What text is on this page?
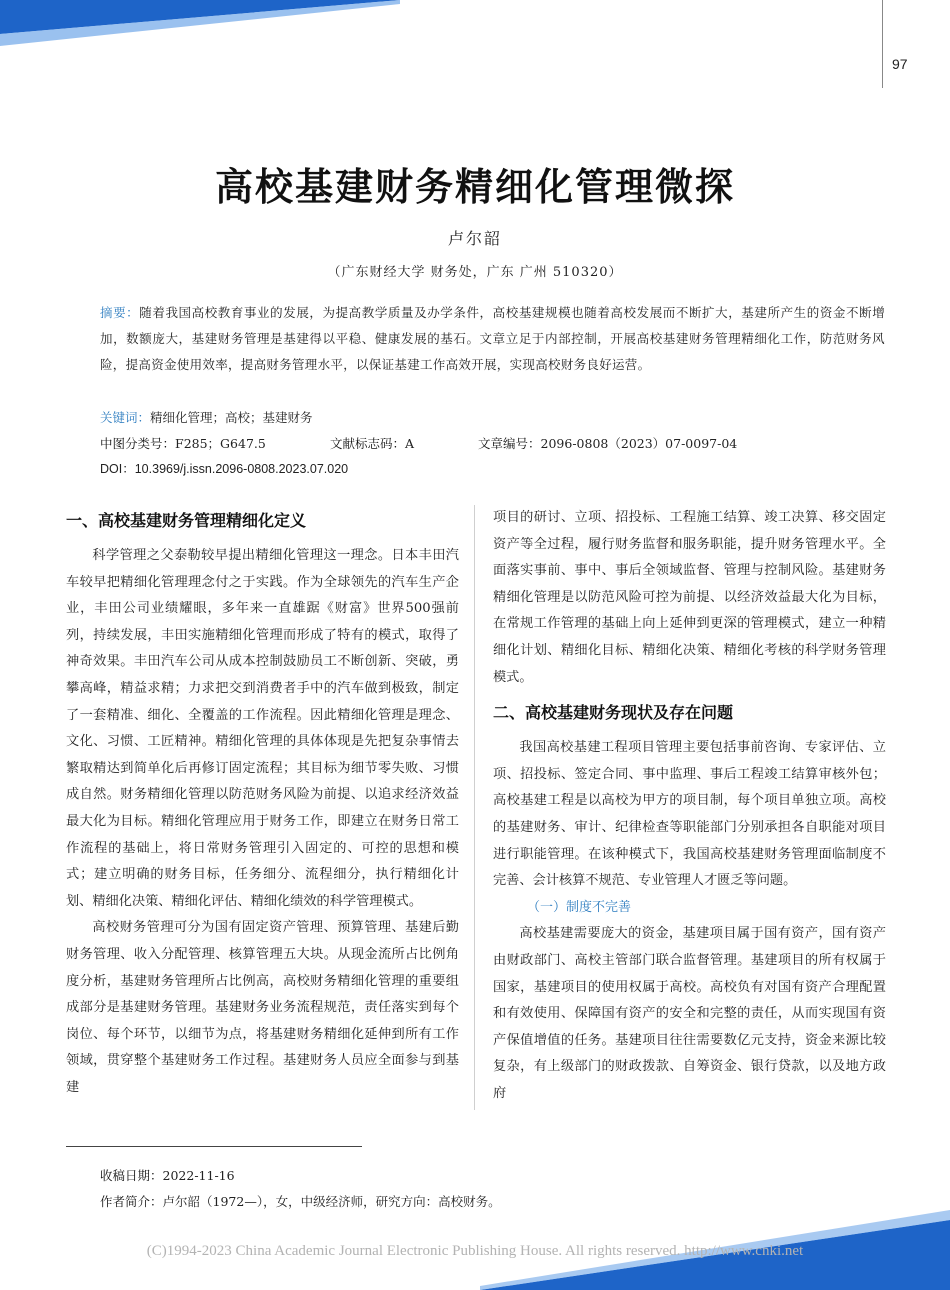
97
高校基建财务精细化管理微探
卢尔韶
（广东财经大学 财务处，广东 广州 510320）
摘要：随着我国高校教育事业的发展，为提高教学质量及办学条件，高校基建规模也随着高校发展而不断扩大，基建所产生的资金不断增加，数额庞大，基建财务管理是基建得以平稳、健康发展的基石。文章立足于内部控制，开展高校基建财务管理精细化工作，防范财务风险，提高资金使用效率，提高财务管理水平，以保证基建工作高效开展，实现高校财务良好运营。
关键词：精细化管理；高校；基建财务
中图分类号：F285；G647.5	文献标志码：A	文章编号：2096-0808（2023）07-0097-04
DOI：10.3969/j.issn.2096-0808.2023.07.020
一、高校基建财务管理精细化定义

科学管理之父泰勒较早提出精细化管理这一理念。日本丰田汽车较早把精细化管理理念付之于实践。作为全球领先的汽车生产企业，丰田公司业绩耀眼，多年来一直雄踞《财富》世界500强前列，持续发展，丰田实施精细化管理而形成了特有的模式，取得了神奇效果。丰田汽车公司从成本控制鼓励员工不断创新、突破，勇攀高峰，精益求精；力求把交到消费者手中的汽车做到极致，制定了一套精准、细化、全覆盖的工作流程。因此精细化管理是理念、文化、习惯、工匠精神。精细化管理的具体体现是先把复杂事情去繁取精达到简单化后再修订固定流程；其目标为细节零失败、习惯成自然。财务精细化管理以防范财务风险为前提、以追求经济效益最大化为目标。精细化管理应用于财务工作，即建立在财务日常工作流程的基础上，将日常财务管理引入固定的、可控的思想和模式；建立明确的财务目标，任务细分、流程细分，执行精细化计划、精细化决策、精细化评估、精细化绩效的科学管理模式。

高校财务管理可分为国有固定资产管理、预算管理、基建后勤财务管理、收入分配管理、核算管理五大块。从现金流所占比例角度分析，基建财务管理所占比例高，高校财务精细化管理的重要组成部分是基建财务管理。基建财务业务流程规范，责任落实到每个岗位、每个环节，以细节为点，将基建财务精细化延伸到所有工作领域，贯穿整个基建财务工作过程。基建财务人员应全面参与到基建

项目的研讨、立项、招投标、工程施工结算、竣工决算、移交固定资产等全过程，履行财务监督和服务职能，提升财务管理水平。全面落实事前、事中、事后全领域监督、管理与控制风险。基建财务精细化管理是以防范风险可控为前提、以经济效益最大化为目标，在常规工作管理的基础上向上延伸到更深的管理模式，建立一种精细化计划、精细化目标、精细化决策、精细化考核的科学财务管理模式。

二、高校基建财务现状及存在问题

我国高校基建工程项目管理主要包括事前咨询、专家评估、立项、招投标、签定合同、事中监理、事后工程竣工结算审核外包；高校基建工程是以高校为甲方的项目制，每个项目单独立项。高校的基建财务、审计、纪律检查等职能部门分别承担各自职能对项目进行职能管理。在该种模式下，我国高校基建财务管理面临制度不完善、会计核算不规范、专业管理人才匮乏等问题。

（一）制度不完善

高校基建需要庞大的资金，基建项目属于国有资产，国有资产由财政部门、高校主管部门联合监督管理。基建项目的所有权属于国家，基建项目的使用权属于高校。高校负有对国有资产合理配置和有效使用、保障国有资产的安全和完整的责任，从而实现国有资产保值增值的任务。基建项目往往需要数亿元支持，资金来源比较复杂，有上级部门的财政拨款、自筹资金、银行贷款，以及地方政府

收稿日期：2022-11-16
作者简介：卢尔韶（1972—），女，中级经济师，研究方向：高校财务。
(C)1994-2023 China Academic Journal Electronic Publishing House. All rights reserved. http://www.cnki.net
